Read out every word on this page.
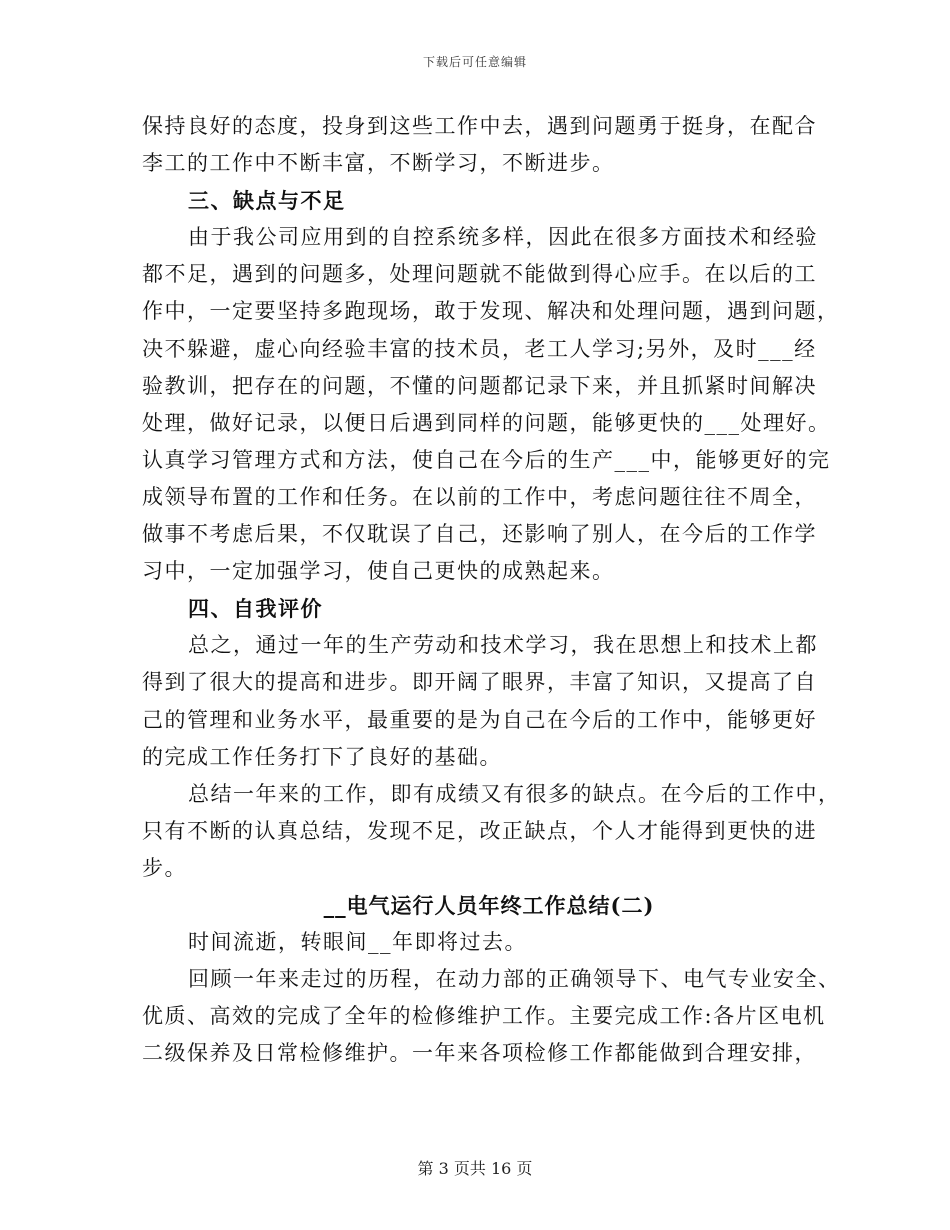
下载后可任意编辑
保持良好的态度，投身到这些工作中去，遇到问题勇于挺身，在配合
李工的工作中不断丰富，不断学习，不断进步。
三、缺点与不足
由于我公司应用到的自控系统多样，因此在很多方面技术和经验
都不足，遇到的问题多，处理问题就不能做到得心应手。在以后的工
作中，一定要坚持多跑现场，敢于发现、解决和处理问题，遇到问题，
决不躲避，虚心向经验丰富的技术员，老工人学习;另外，及时___经
验教训，把存在的问题，不懂的问题都记录下来，并且抓紧时间解决
处理，做好记录，以便日后遇到同样的问题，能够更快的___处理好。
认真学习管理方式和方法，使自己在今后的生产___中，能够更好的完
成领导布置的工作和任务。在以前的工作中，考虑问题往往不周全，
做事不考虑后果，不仅耽误了自己，还影响了别人，在今后的工作学
习中，一定加强学习，使自己更快的成熟起来。
四、自我评价
总之，通过一年的生产劳动和技术学习，我在思想上和技术上都
得到了很大的提高和进步。即开阔了眼界，丰富了知识，又提高了自
己的管理和业务水平，最重要的是为自己在今后的工作中，能够更好
的完成工作任务打下了良好的基础。
总结一年来的工作，即有成绩又有很多的缺点。在今后的工作中，
只有不断的认真总结，发现不足，改正缺点，个人才能得到更快的进
步。
__电气运行人员年终工作总结(二)
时间流逝，转眼间__年即将过去。
回顾一年来走过的历程，在动力部的正确领导下、电气专业安全、
优质、高效的完成了全年的检修维护工作。主要完成工作:各片区电机
二级保养及日常检修维护。一年来各项检修工作都能做到合理安排，
第 3 页共 16 页
